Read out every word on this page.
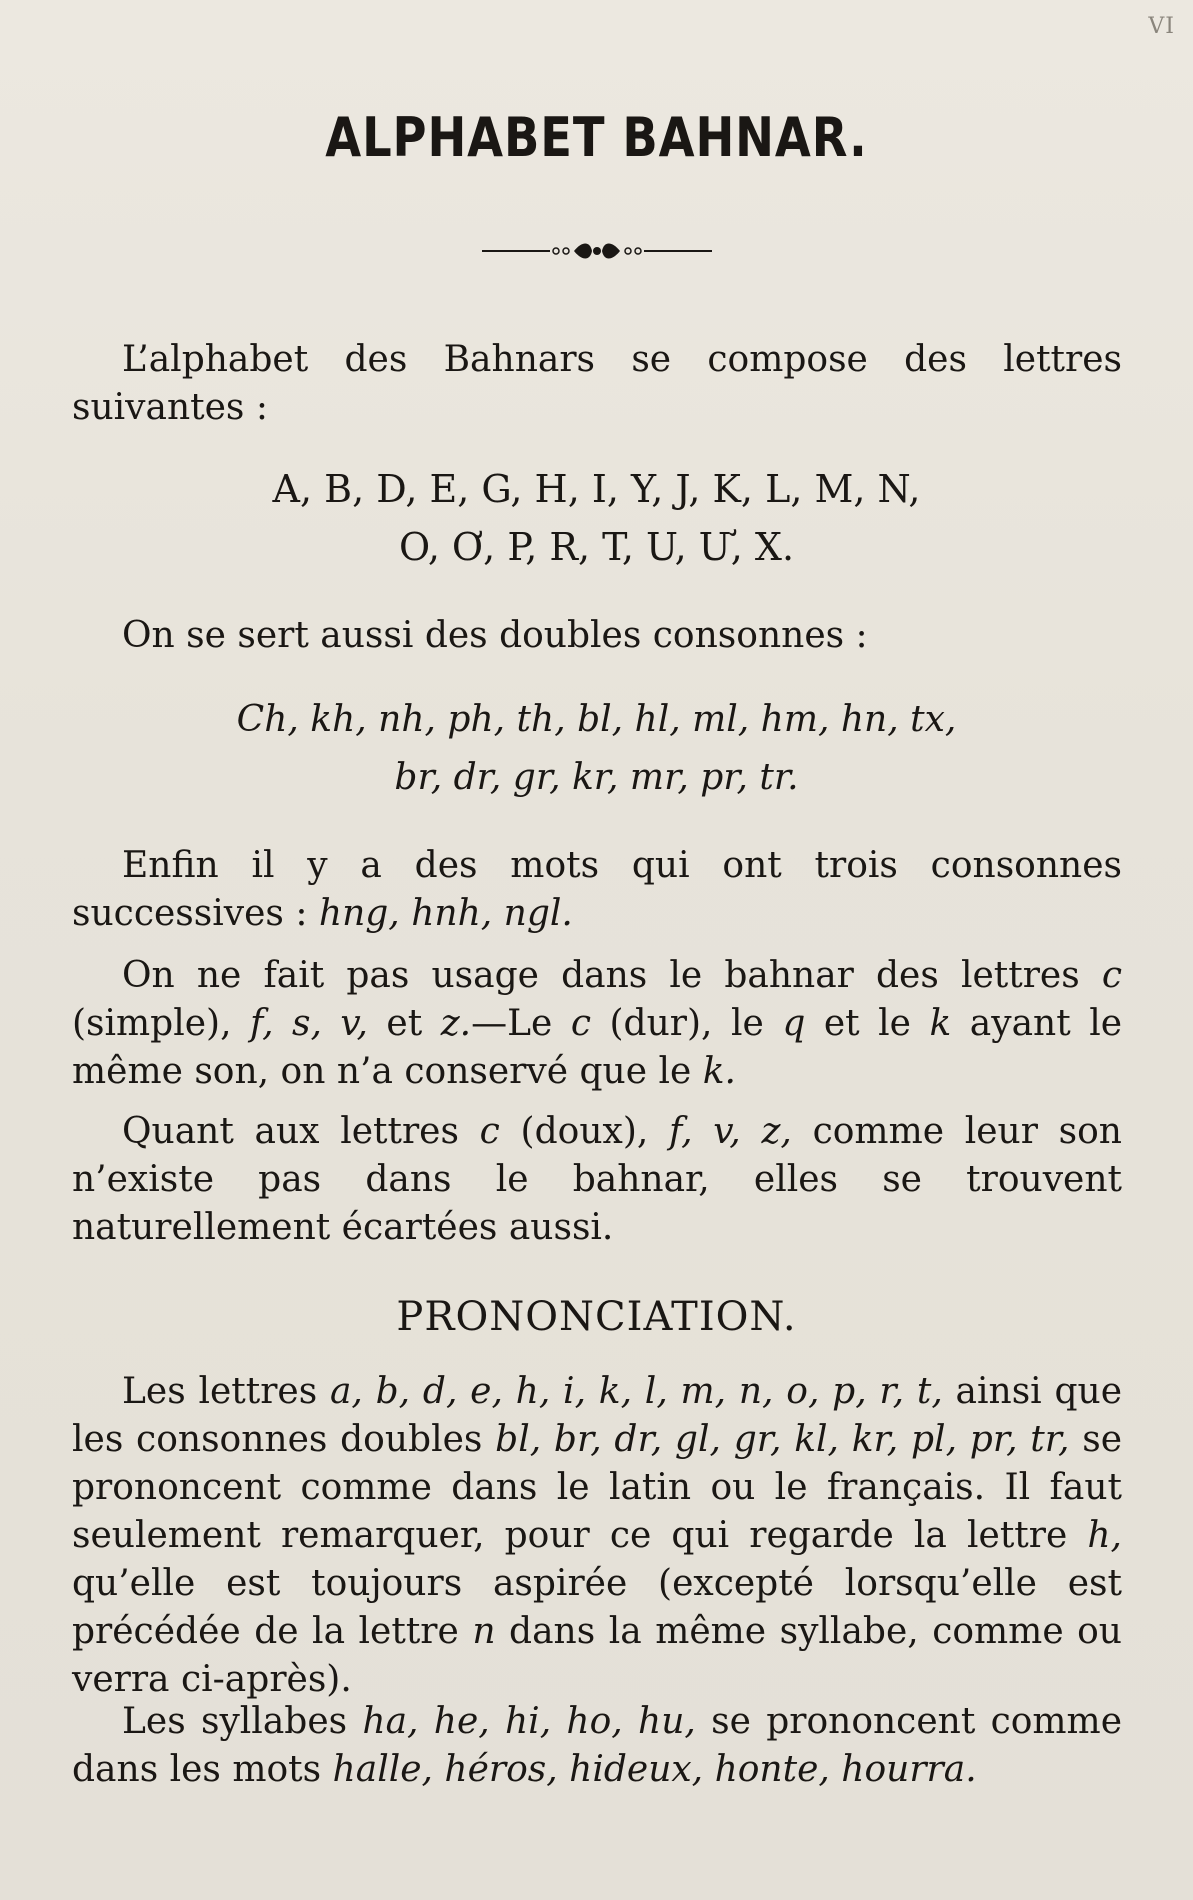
VI
ALPHABET BAHNAR.

L’alphabet des Bahnars se compose des lettres suivantes :

A, B, D, E, G, H, I, Y, J, K, L, M, N,
O, Ơ, P, R, T, U, Ư, X.

On se sert aussi des doubles consonnes :

Ch, kh, nh, ph, th, bl, hl, ml, hm, hn, tx,
br, dr, gr, kr, mr, pr, tr.

Enfin il y a des mots qui ont trois consonnes successives : hng, hnh, ngl.

On ne fait pas usage dans le bahnar des lettres c (simple), f, s, v, et z.—Le c (dur), le q et le k ayant le même son, on n’a conservé que le k.

Quant aux lettres c (doux), f, v, z, comme leur son n’existe pas dans le bahnar, elles se trouvent naturellement écartées aussi.

PRONONCIATION.

Les lettres a, b, d, e, h, i, k, l, m, n, o, p, r, t, ainsi que les consonnes doubles bl, br, dr, gl, gr, kl, kr, pl, pr, tr, se prononcent comme dans le latin ou le français. Il faut seulement remarquer, pour ce qui regarde la lettre h, qu’elle est toujours aspirée (excepté lorsqu’elle est précédée de la lettre n dans la même syllabe, comme ou verra ci-après).

Les syllabes ha, he, hi, ho, hu, se prononcent comme dans les mots halle, héros, hideux, honte, hourra.
